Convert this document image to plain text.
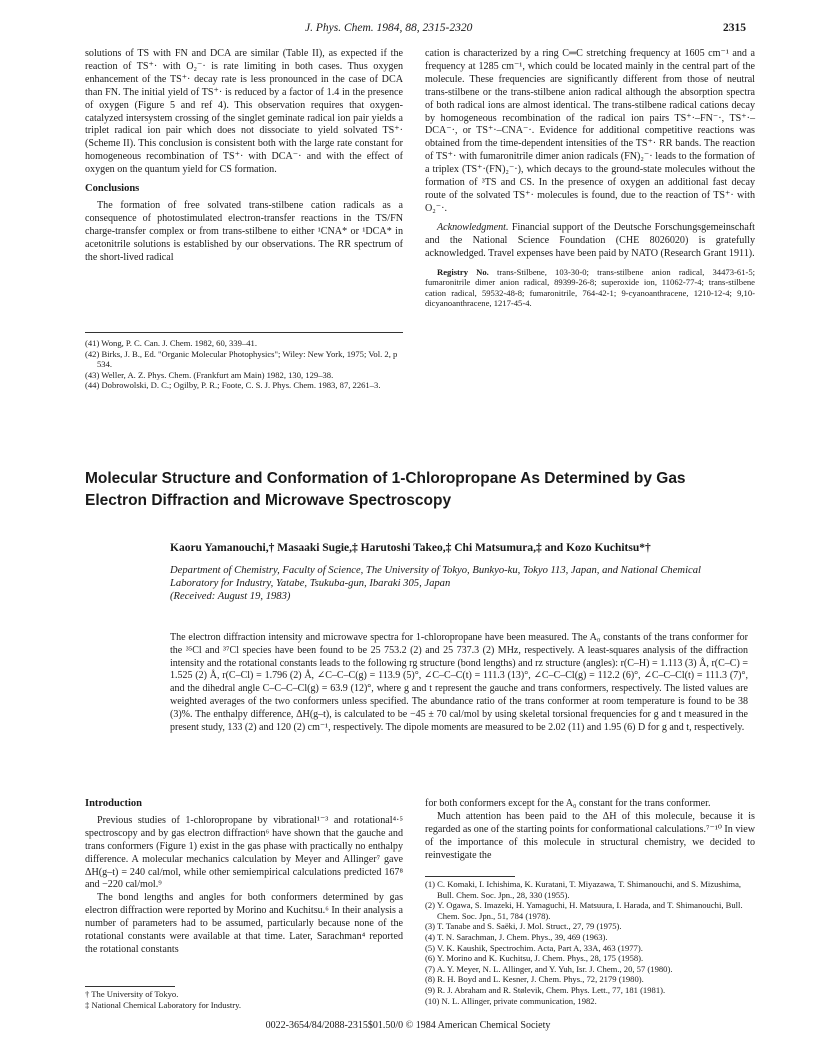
J. Phys. Chem. 1984, 88, 2315-2320	2315

solutions of TS with FN and DCA are similar (Table II), as expected if the reaction of TS⁺· with O₂⁻· is rate limiting in both cases. Thus oxygen enhancement of the TS⁺· decay rate is less pronounced in the case of DCA than FN. The initial yield of TS⁺· is reduced by a factor of 1.4 in the presence of oxygen (Figure 5 and ref 4). This observation requires that oxygen-catalyzed intersystem crossing of the singlet geminate radical ion pair yields a triplet radical ion pair which does not dissociate to yield solvated TS⁺· (Scheme II). This conclusion is consistent both with the large rate constant for homogeneous recombination of TS⁺· with DCA⁻· and with the effect of oxygen on the quantum yield for CS formation.

Conclusions

The formation of free solvated trans-stilbene cation radicals as a consequence of photostimulated electron-transfer reactions in the TS/FN charge-transfer complex or from trans-stilbene to either ¹CNA* or ¹DCA* in acetonitrile solutions is established by our observations. The RR spectrum of the short-lived radical

(41) Wong, P. C. Can. J. Chem. 1982, 60, 339–41.
(42) Birks, J. B., Ed. "Organic Molecular Photophysics"; Wiley: New York, 1975; Vol. 2, p 534.
(43) Weller, A. Z. Phys. Chem. (Frankfurt am Main) 1982, 130, 129–38.
(44) Dobrowolski, D. C.; Ogilby, P. R.; Foote, C. S. J. Phys. Chem. 1983, 87, 2261–3.

cation is characterized by a ring C═C stretching frequency at 1605 cm⁻¹ and a frequency at 1285 cm⁻¹, which could be located mainly in the central part of the molecule. These frequencies are significantly different from those of neutral trans-stilbene or the trans-stilbene anion radical although the absorption spectra of both radical ions are almost identical. The trans-stilbene radical cations decay by homogeneous recombination of the radical ion pairs TS⁺·–FN⁻·, TS⁺·–DCA⁻·, or TS⁺·–CNA⁻·. Evidence for additional competitive reactions was obtained from the time-dependent intensities of the TS⁺· RR bands. The reaction of TS⁺· with fumaronitrile dimer anion radicals (FN)₂⁻· leads to the formation of a triplex (TS⁺·(FN)₂⁻·), which decays to the ground-state molecules without the formation of ³TS and CS. In the presence of oxygen an additional fast decay route of the solvated TS⁺· molecules is found, due to the reaction of TS⁺· with O₂⁻·.

Acknowledgment. Financial support of the Deutsche Forschungsgemeinschaft and the National Science Foundation (CHE 8026020) is gratefully acknowledged. Travel expenses have been paid by NATO (Research Grant 1911).

Registry No. trans-Stilbene, 103-30-0; trans-stilbene anion radical, 34473-61-5; fumaronitrile dimer anion radical, 89399-26-8; superoxide ion, 11062-77-4; trans-stilbene cation radical, 59532-48-8; fumaronitrile, 764-42-1; 9-cyanoanthracene, 1210-12-4; 9,10-dicyanoanthracene, 1217-45-4.

Molecular Structure and Conformation of 1-Chloropropane As Determined by Gas Electron Diffraction and Microwave Spectroscopy
Kaoru Yamanouchi,† Masaaki Sugie,‡ Harutoshi Takeo,‡ Chi Matsumura,‡ and Kozo Kuchitsu*†
Department of Chemistry, Faculty of Science, The University of Tokyo, Bunkyo-ku, Tokyo 113, Japan, and National Chemical Laboratory for Industry, Yatabe, Tsukuba-gun, Ibaraki 305, Japan
(Received: August 19, 1983)
The electron diffraction intensity and microwave spectra for 1-chloropropane have been measured. The A₀ constants of the trans conformer for the ³⁵Cl and ³⁷Cl species have been found to be 25 753.2 (2) and 25 737.3 (2) MHz, respectively. A least-squares analysis of the diffraction intensity and the rotational constants leads to the following rg structure (bond lengths) and rz structure (angles): r(C–H) = 1.113 (3) Å, r(C–C) = 1.525 (2) Å, r(C–Cl) = 1.796 (2) Å, ∠C–C–C(g) = 113.9 (5)°, ∠C–C–C(t) = 111.3 (13)°, ∠C–C–Cl(g) = 112.2 (6)°, ∠C–C–Cl(t) = 111.3 (7)°, and the dihedral angle C–C–C–Cl(g) = 63.9 (12)°, where g and t represent the gauche and trans conformers, respectively. The listed values are weighted averages of the two conformers unless specified. The abundance ratio of the trans conformer at room temperature is found to be 38 (3)%. The enthalpy difference, ΔH(g–t), is calculated to be −45 ± 70 cal/mol by using skeletal torsional frequencies for g and t measured in the present study, 133 (2) and 120 (2) cm⁻¹, respectively. The dipole moments are measured to be 2.02 (11) and 1.95 (6) D for g and t, respectively.
Introduction

Previous studies of 1-chloropropane by vibrational¹⁻³ and rotational⁴·⁵ spectroscopy and by gas electron diffraction⁶ have shown that the gauche and trans conformers (Figure 1) exist in the gas phase with practically no enthalpy difference. A molecular mechanics calculation by Meyer and Allinger⁷ gave ΔH(g–t) = 240 cal/mol, while other semiempirical calculations predicted 167⁸ and −220 cal/mol.⁹

The bond lengths and angles for both conformers determined by gas electron diffraction were reported by Morino and Kuchitsu.⁶ In their analysis a number of parameters had to be assumed, particularly because none of the rotational constants were available at that time. Later, Sarachman⁴ reported the rotational constants

† The University of Tokyo.
‡ National Chemical Laboratory for Industry.

for both conformers except for the A₀ constant for the trans conformer.

Much attention has been paid to the ΔH of this molecule, because it is regarded as one of the starting points for conformational calculations.⁷⁻¹⁰ In view of the importance of this molecule in structural chemistry, we decided to reinvestigate the

(1) C. Komaki, I. Ichishima, K. Kuratani, T. Miyazawa, T. Shimanouchi, and S. Mizushima, Bull. Chem. Soc. Jpn., 28, 330 (1955).
(2) Y. Ogawa, S. Imazeki, H. Yamaguchi, H. Matsuura, I. Harada, and T. Shimanouchi, Bull. Chem. Soc. Jpn., 51, 784 (1978).
(3) T. Tanabe and S. Saëki, J. Mol. Struct., 27, 79 (1975).
(4) T. N. Sarachman, J. Chem. Phys., 39, 469 (1963).
(5) V. K. Kaushik, Spectrochim. Acta, Part A, 33A, 463 (1977).
(6) Y. Morino and K. Kuchitsu, J. Chem. Phys., 28, 175 (1958).
(7) A. Y. Meyer, N. L. Allinger, and Y. Yuh, Isr. J. Chem., 20, 57 (1980).
(8) R. H. Boyd and L. Kesner, J. Chem. Phys., 72, 2179 (1980).
(9) R. J. Abraham and R. Stølevik, Chem. Phys. Lett., 77, 181 (1981).
(10) N. L. Allinger, private communication, 1982.
0022-3654/84/2088-2315$01.50/0 © 1984 American Chemical Society
